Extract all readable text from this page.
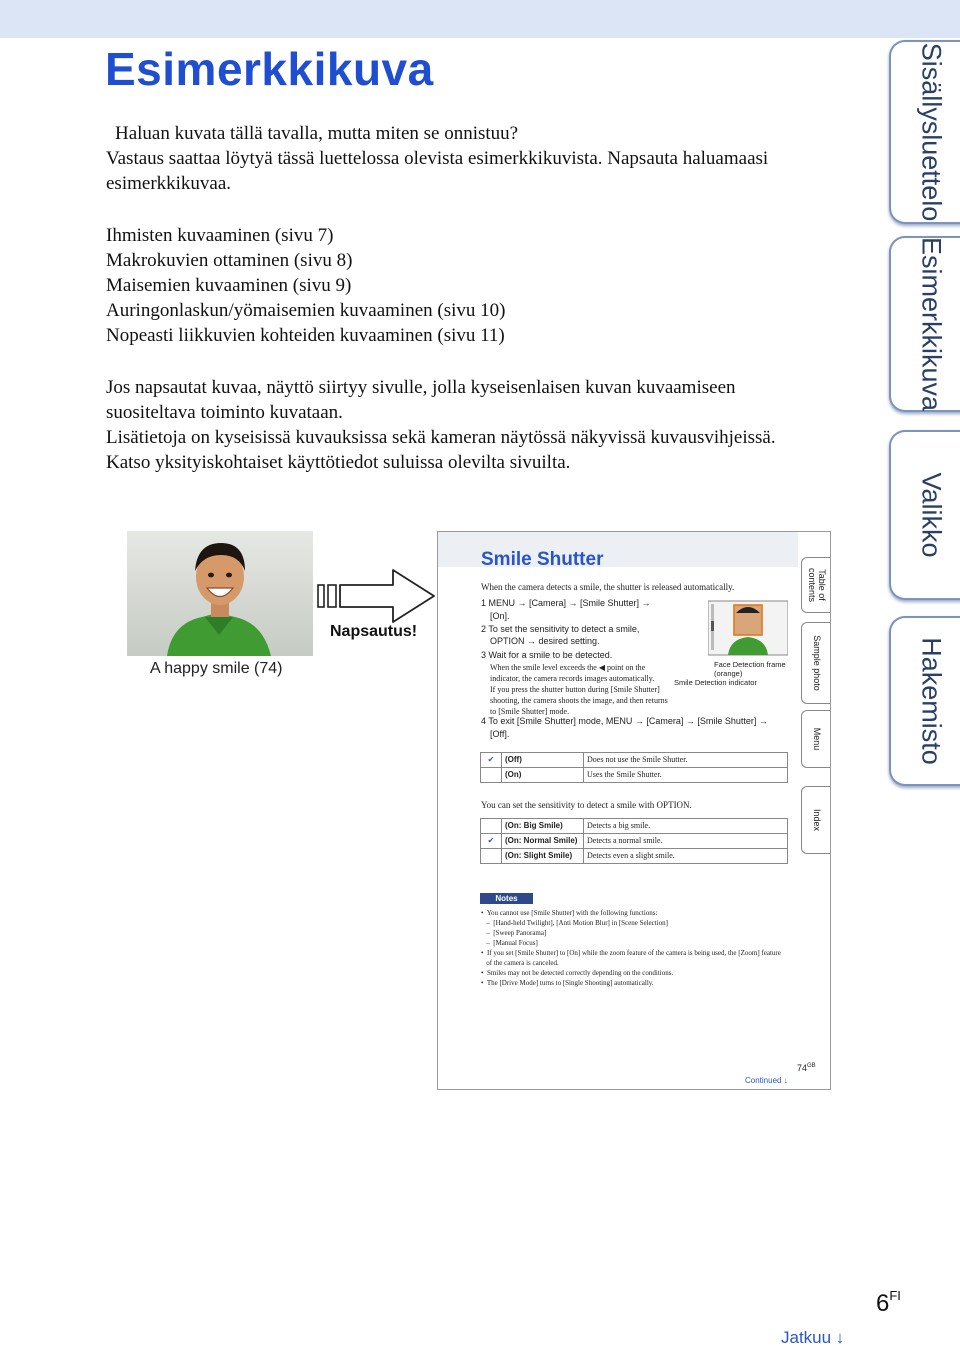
Esimerkkikuva
Haluan kuvata tällä tavalla, mutta miten se onnistuu?
Vastaus saattaa löytyä tässä luettelossa olevista esimerkkikuvista. Napsauta haluamaasi
esimerkkikuvaa.
Ihmisten kuvaaminen (sivu 7)
Makrokuvien ottaminen (sivu 8)
Maisemien kuvaaminen (sivu 9)
Auringonlaskun/yömaisemien kuvaaminen (sivu 10)
Nopeasti liikkuvien kohteiden kuvaaminen (sivu 11)
Jos napsautat kuvaa, näyttö siirtyy sivulle, jolla kyseisenlaisen kuvan kuvaamiseen
suositeltava toiminto kuvataan.
Lisätietoja on kyseisissä kuvauksissa sekä kameran näytössä näkyvissä kuvausvihjeissä.
Katso yksityiskohtaiset käyttötiedot suluissa olevilta sivuilta.
Sisällysluettelo
Esimerkkikuva
Valikko
Hakemisto
A happy smile (74)
Napsautus!
Smile Shutter
When the camera detects a smile, the shutter is released automatically.
1 MENU → [Camera] → [Smile Shutter] →
[On].
2 To set the sensitivity to detect a smile,
OPTION → desired setting.
3 Wait for a smile to be detected.
When the smile level exceeds the ◀ point on the
indicator, the camera records images automatically.
If you press the shutter button during [Smile Shutter]
shooting, the camera shoots the image, and then returns
to [Smile Shutter] mode.
Face Detection frame
(orange)
Smile Detection indicator
4 To exit [Smile Shutter] mode, MENU → [Camera] → [Smile Shutter] →
[Off].
✔	(Off)	Does not use the Smile Shutter.
	(On)	Uses the Smile Shutter.
You can set the sensitivity to detect a smile with OPTION.
	(On: Big Smile)	Detects a big smile.
✔	(On: Normal Smile)	Detects a normal smile.
	(On: Slight Smile)	Detects even a slight smile.
Notes
•  You cannot use [Smile Shutter] with the following functions:
–  [Hand-held Twilight], [Anti Motion Blur] in [Scene Selection]
–  [Sweep Panorama]
–  [Manual Focus]
•  If you set [Smile Shutter] to [On] while the zoom feature of the camera is being used, the [Zoom] feature
of the camera is canceled.
•  Smiles may not be detected correctly depending on the conditions.
•  The [Drive Mode] turns to [Single Shooting] automatically.
Table of contents
Sample photo
Menu
Index
$74^{GB}$
Continued ↓
$6^{FI}$
Jatkuu ↓
